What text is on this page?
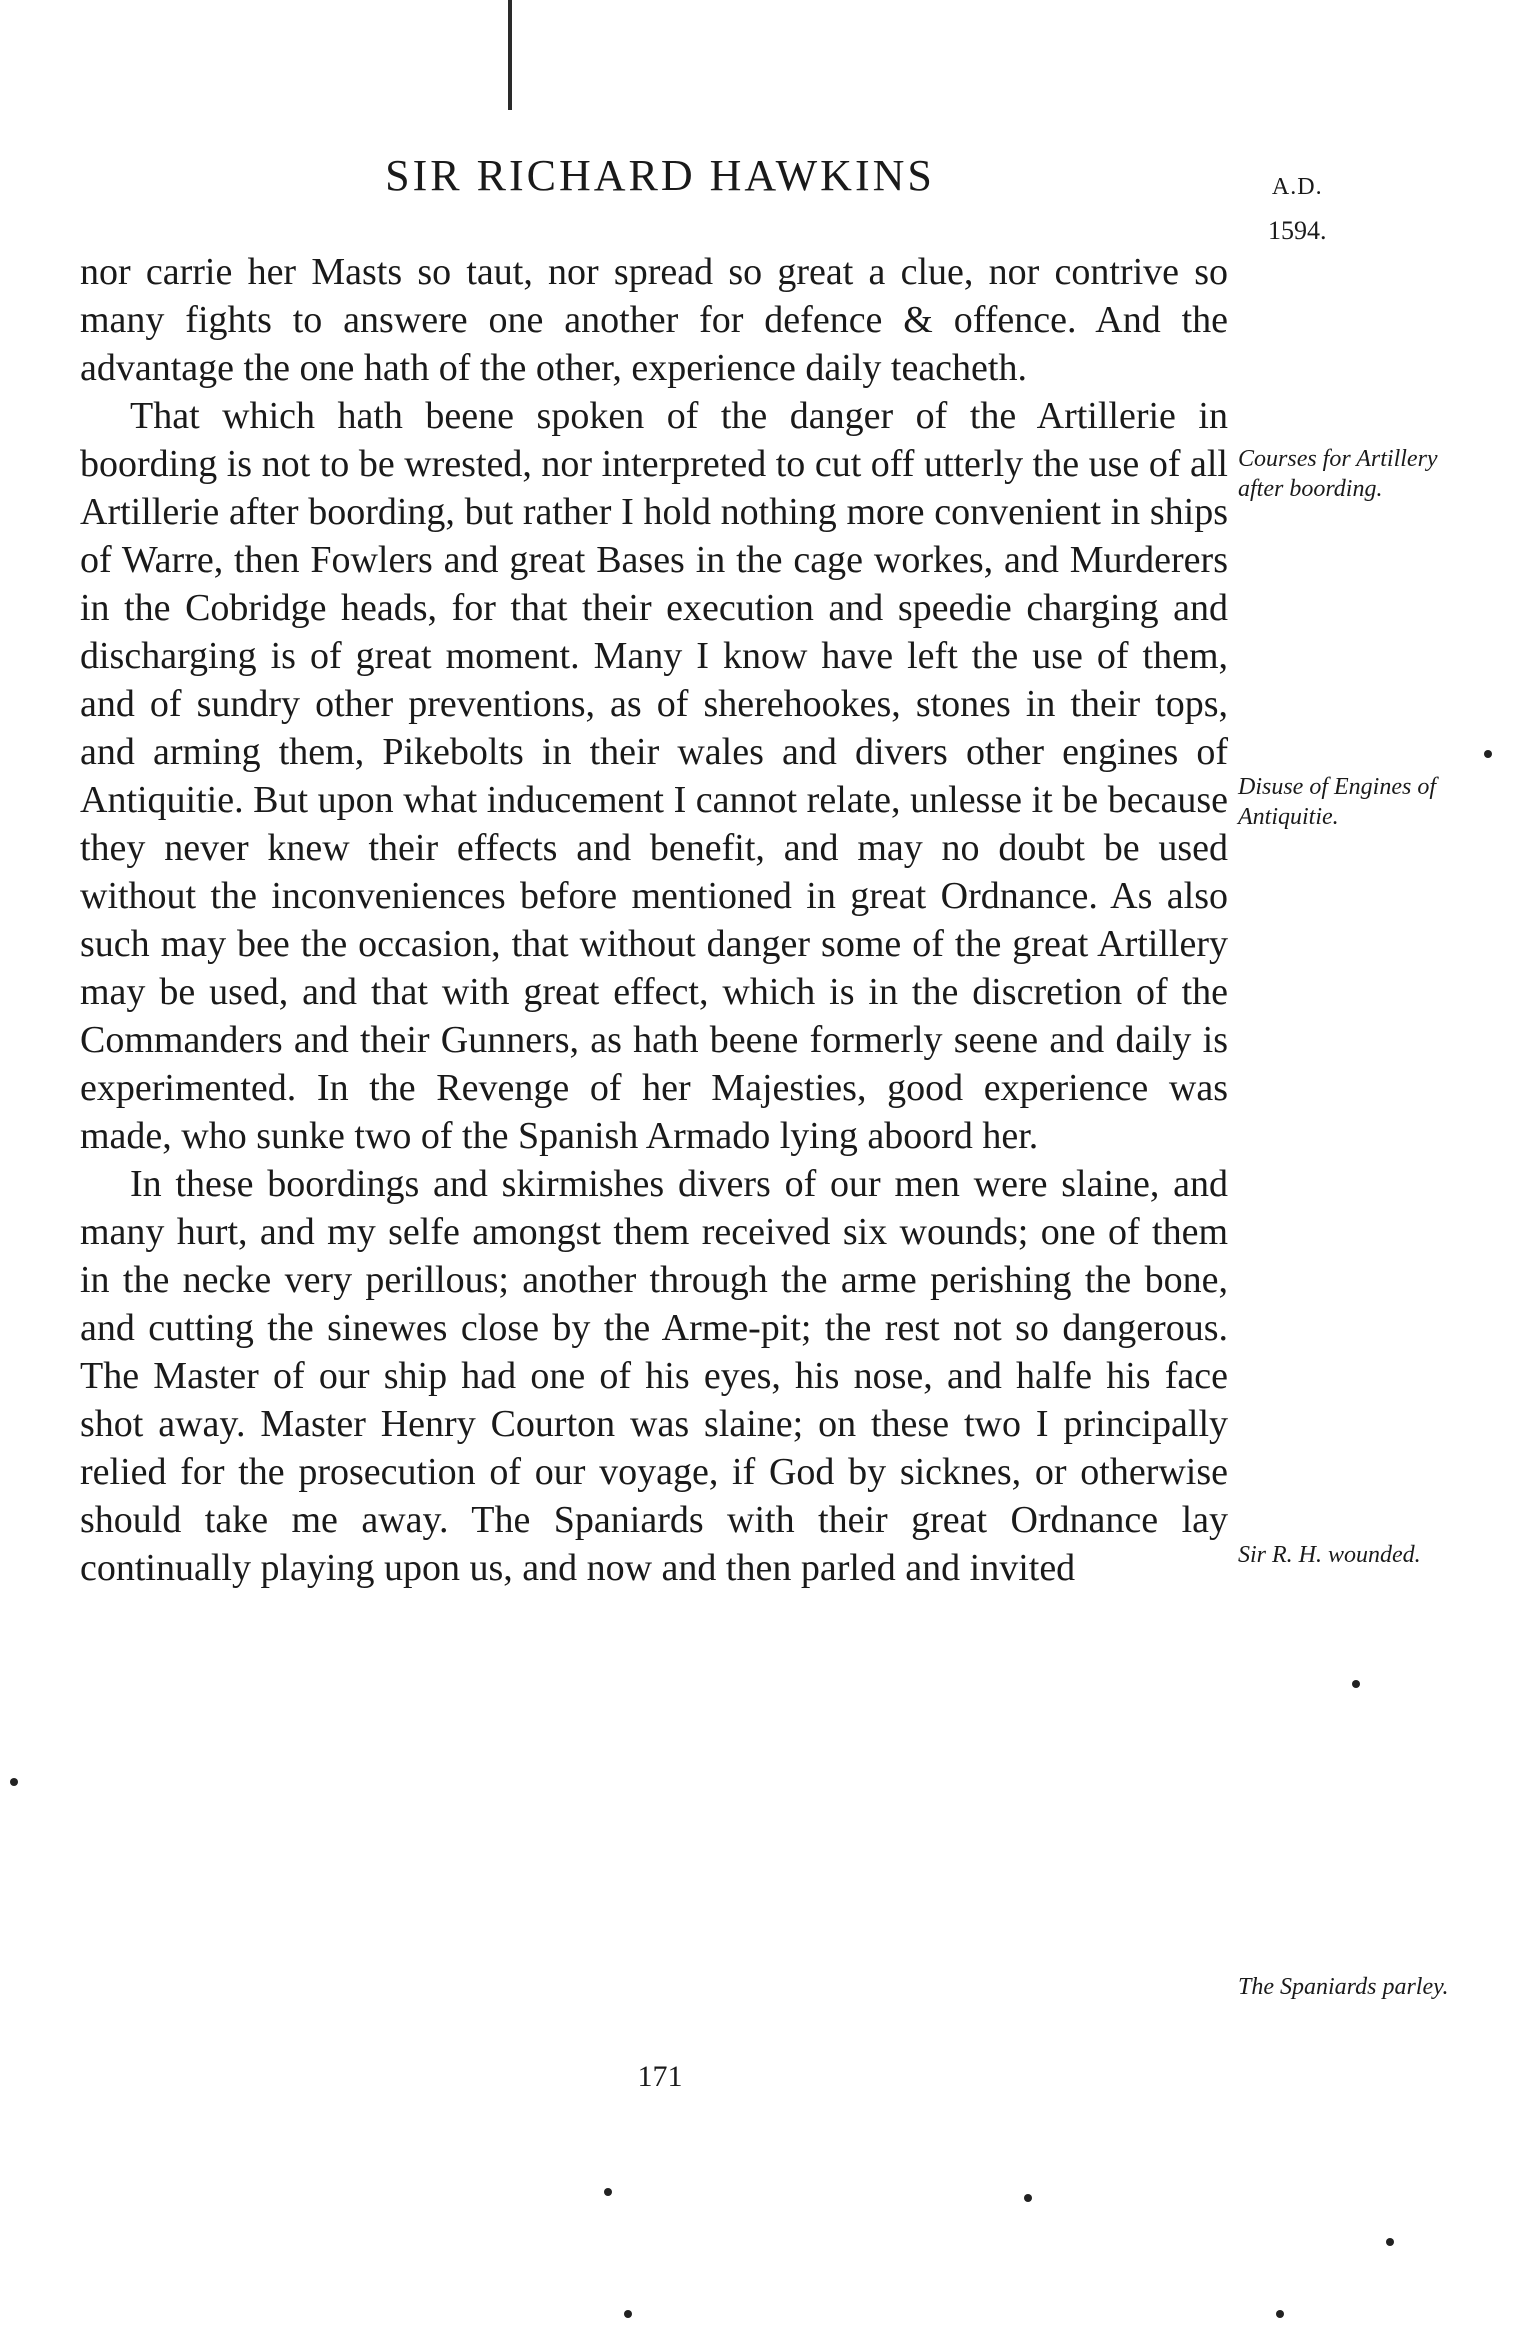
SIR RICHARD HAWKINS	A.D.
1594.

nor carrie her Masts so taut, nor spread so great a clue, nor contrive so many fights to answere one another for defence & offence. And the advantage the one hath of the other, experience daily teacheth.

That which hath beene spoken of the danger of the Artillerie in boording is not to be wrested, nor interpreted to cut off utterly the use of all Artillerie after boording, but rather I hold nothing more convenient in ships of Warre, then Fowlers and great Bases in the cage workes, and Murderers in the Cobridge heads, for that their execution and speedie charging and discharging is of great moment. Many I know have left the use of them, and of sundry other preventions, as of sherehookes, stones in their tops, and arming them, Pikebolts in their wales and divers other engines of Antiquitie. But upon what inducement I cannot relate, unlesse it be because they never knew their effects and benefit, and may no doubt be used without the inconveniences before mentioned in great Ordnance. As also such may bee the occasion, that without danger some of the great Artillery may be used, and that with great effect, which is in the discretion of the Commanders and their Gunners, as hath beene formerly seene and daily is experimented. In the Revenge of her Majesties, good experience was made, who sunke two of the Spanish Armado lying aboord her.

In these boordings and skirmishes divers of our men were slaine, and many hurt, and my selfe amongst them received six wounds; one of them in the necke very perillous; another through the arme perishing the bone, and cutting the sinewes close by the Arme-pit; the rest not so dangerous. The Master of our ship had one of his eyes, his nose, and halfe his face shot away. Master Henry Courton was slaine; on these two I principally relied for the prosecution of our voyage, if God by sicknes, or otherwise should take me away. The Spaniards with their great Ordnance lay continually playing upon us, and now and then parled and invited

Courses for Artillery after boording.
Disuse of Engines of Antiquitie.
Sir R. H. wounded.
The Spaniards parley.
171
